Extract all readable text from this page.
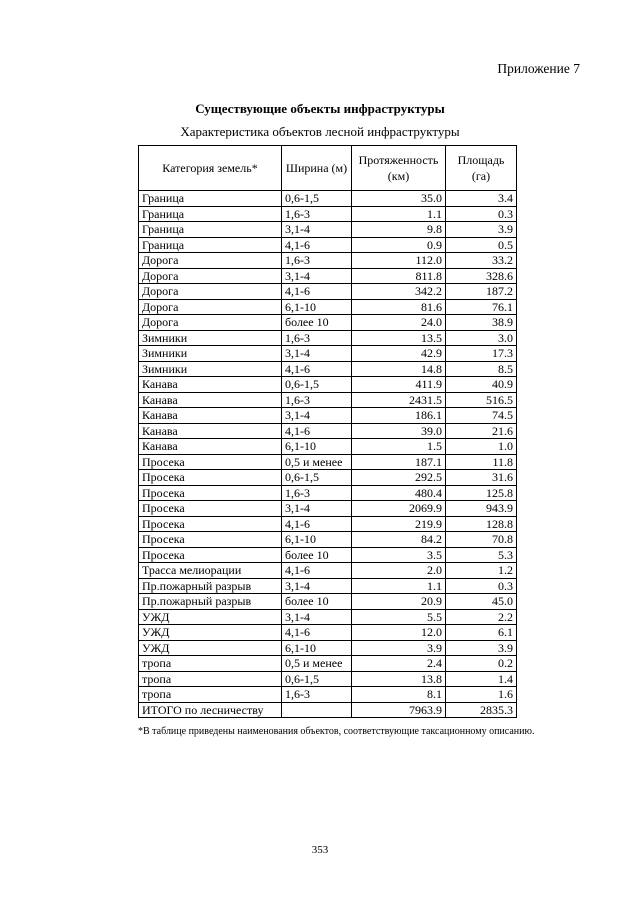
Приложение 7
Существующие объекты инфраструктуры
Характеристика объектов лесной инфраструктуры
Категория земель*	Ширина (м)	Протяженность (км)	Площадь (га)
Граница	0,6-1,5	35.0	3.4
Граница	1,6-3	1.1	0.3
Граница	3,1-4	9.8	3.9
Граница	4,1-6	0.9	0.5
Дорога	1,6-3	112.0	33.2
Дорога	3,1-4	811.8	328.6
Дорога	4,1-6	342.2	187.2
Дорога	6,1-10	81.6	76.1
Дорога	более 10	24.0	38.9
Зимники	1,6-3	13.5	3.0
Зимники	3,1-4	42.9	17.3
Зимники	4,1-6	14.8	8.5
Канава	0,6-1,5	411.9	40.9
Канава	1,6-3	2431.5	516.5
Канава	3,1-4	186.1	74.5
Канава	4,1-6	39.0	21.6
Канава	6,1-10	1.5	1.0
Просека	0,5 и менее	187.1	11.8
Просека	0,6-1,5	292.5	31.6
Просека	1,6-3	480.4	125.8
Просека	3,1-4	2069.9	943.9
Просека	4,1-6	219.9	128.8
Просека	6,1-10	84.2	70.8
Просека	более 10	3.5	5.3
Трасса мелиорации	4,1-6	2.0	1.2
Пр.пожарный разрыв	3,1-4	1.1	0.3
Пр.пожарный разрыв	более 10	20.9	45.0
УЖД	3,1-4	5.5	2.2
УЖД	4,1-6	12.0	6.1
УЖД	6,1-10	3.9	3.9
тропа	0,5 и менее	2.4	0.2
тропа	0,6-1,5	13.8	1.4
тропа	1,6-3	8.1	1.6
ИТОГО по лесничеству		7963.9	2835.3
*В таблице приведены наименования объектов, соответствующие таксационному описанию.
353
